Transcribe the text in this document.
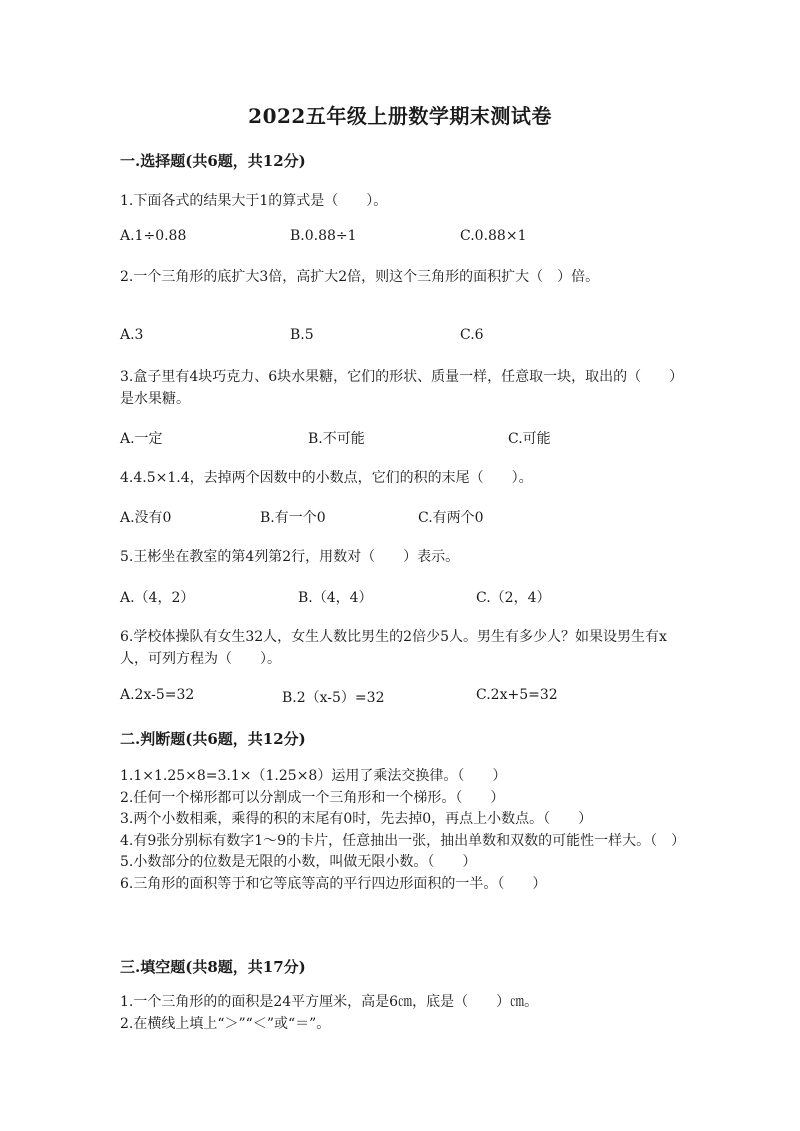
2022五年级上册数学期末测试卷
一.选择题(共6题，共12分)
1.下面各式的结果大于1的算式是（　　）。
A.1÷0.88	B.0.88÷1	C.0.88×1
2.一个三角形的底扩大3倍，高扩大2倍，则这个三角形的面积扩大（　）倍。
A.3	B.5	C.6
3.盒子里有4块巧克力、6块水果糖，它们的形状、质量一样，任意取一块，取出的（　　）是水果糖。
A.一定	B.不可能	C.可能
4.4.5×1.4，去掉两个因数中的小数点，它们的积的末尾（　　）。
A.没有0	B.有一个0	C.有两个0
5.王彬坐在教室的第4列第2行，用数对（　　）表示。
A.（4，2）	B.（4，4）	C.（2，4）
6.学校体操队有女生32人，女生人数比男生的2倍少5人。男生有多少人？如果设男生有x人，可列方程为（　　）。
A.2x-5=32	B.2（x-5）=32	C.2x+5=32
二.判断题(共6题，共12分)
1.1×1.25×8=3.1×（1.25×8）运用了乘法交换律。（　　）
2.任何一个梯形都可以分割成一个三角形和一个梯形。（　　）
3.两个小数相乘，乘得的积的末尾有0时，先去掉0，再点上小数点。（　　）
4.有9张分别标有数字1～9的卡片，任意抽出一张，抽出单数和双数的可能性一样大。（　）
5.小数部分的位数是无限的小数，叫做无限小数。（　　）
6.三角形的面积等于和它等底等高的平行四边形面积的一半。（　　）
三.填空题(共8题，共17分)
1.一个三角形的的面积是24平方厘米，高是6㎝，底是（　　）㎝。
2.在横线上填上“＞”“＜”或“＝”。
